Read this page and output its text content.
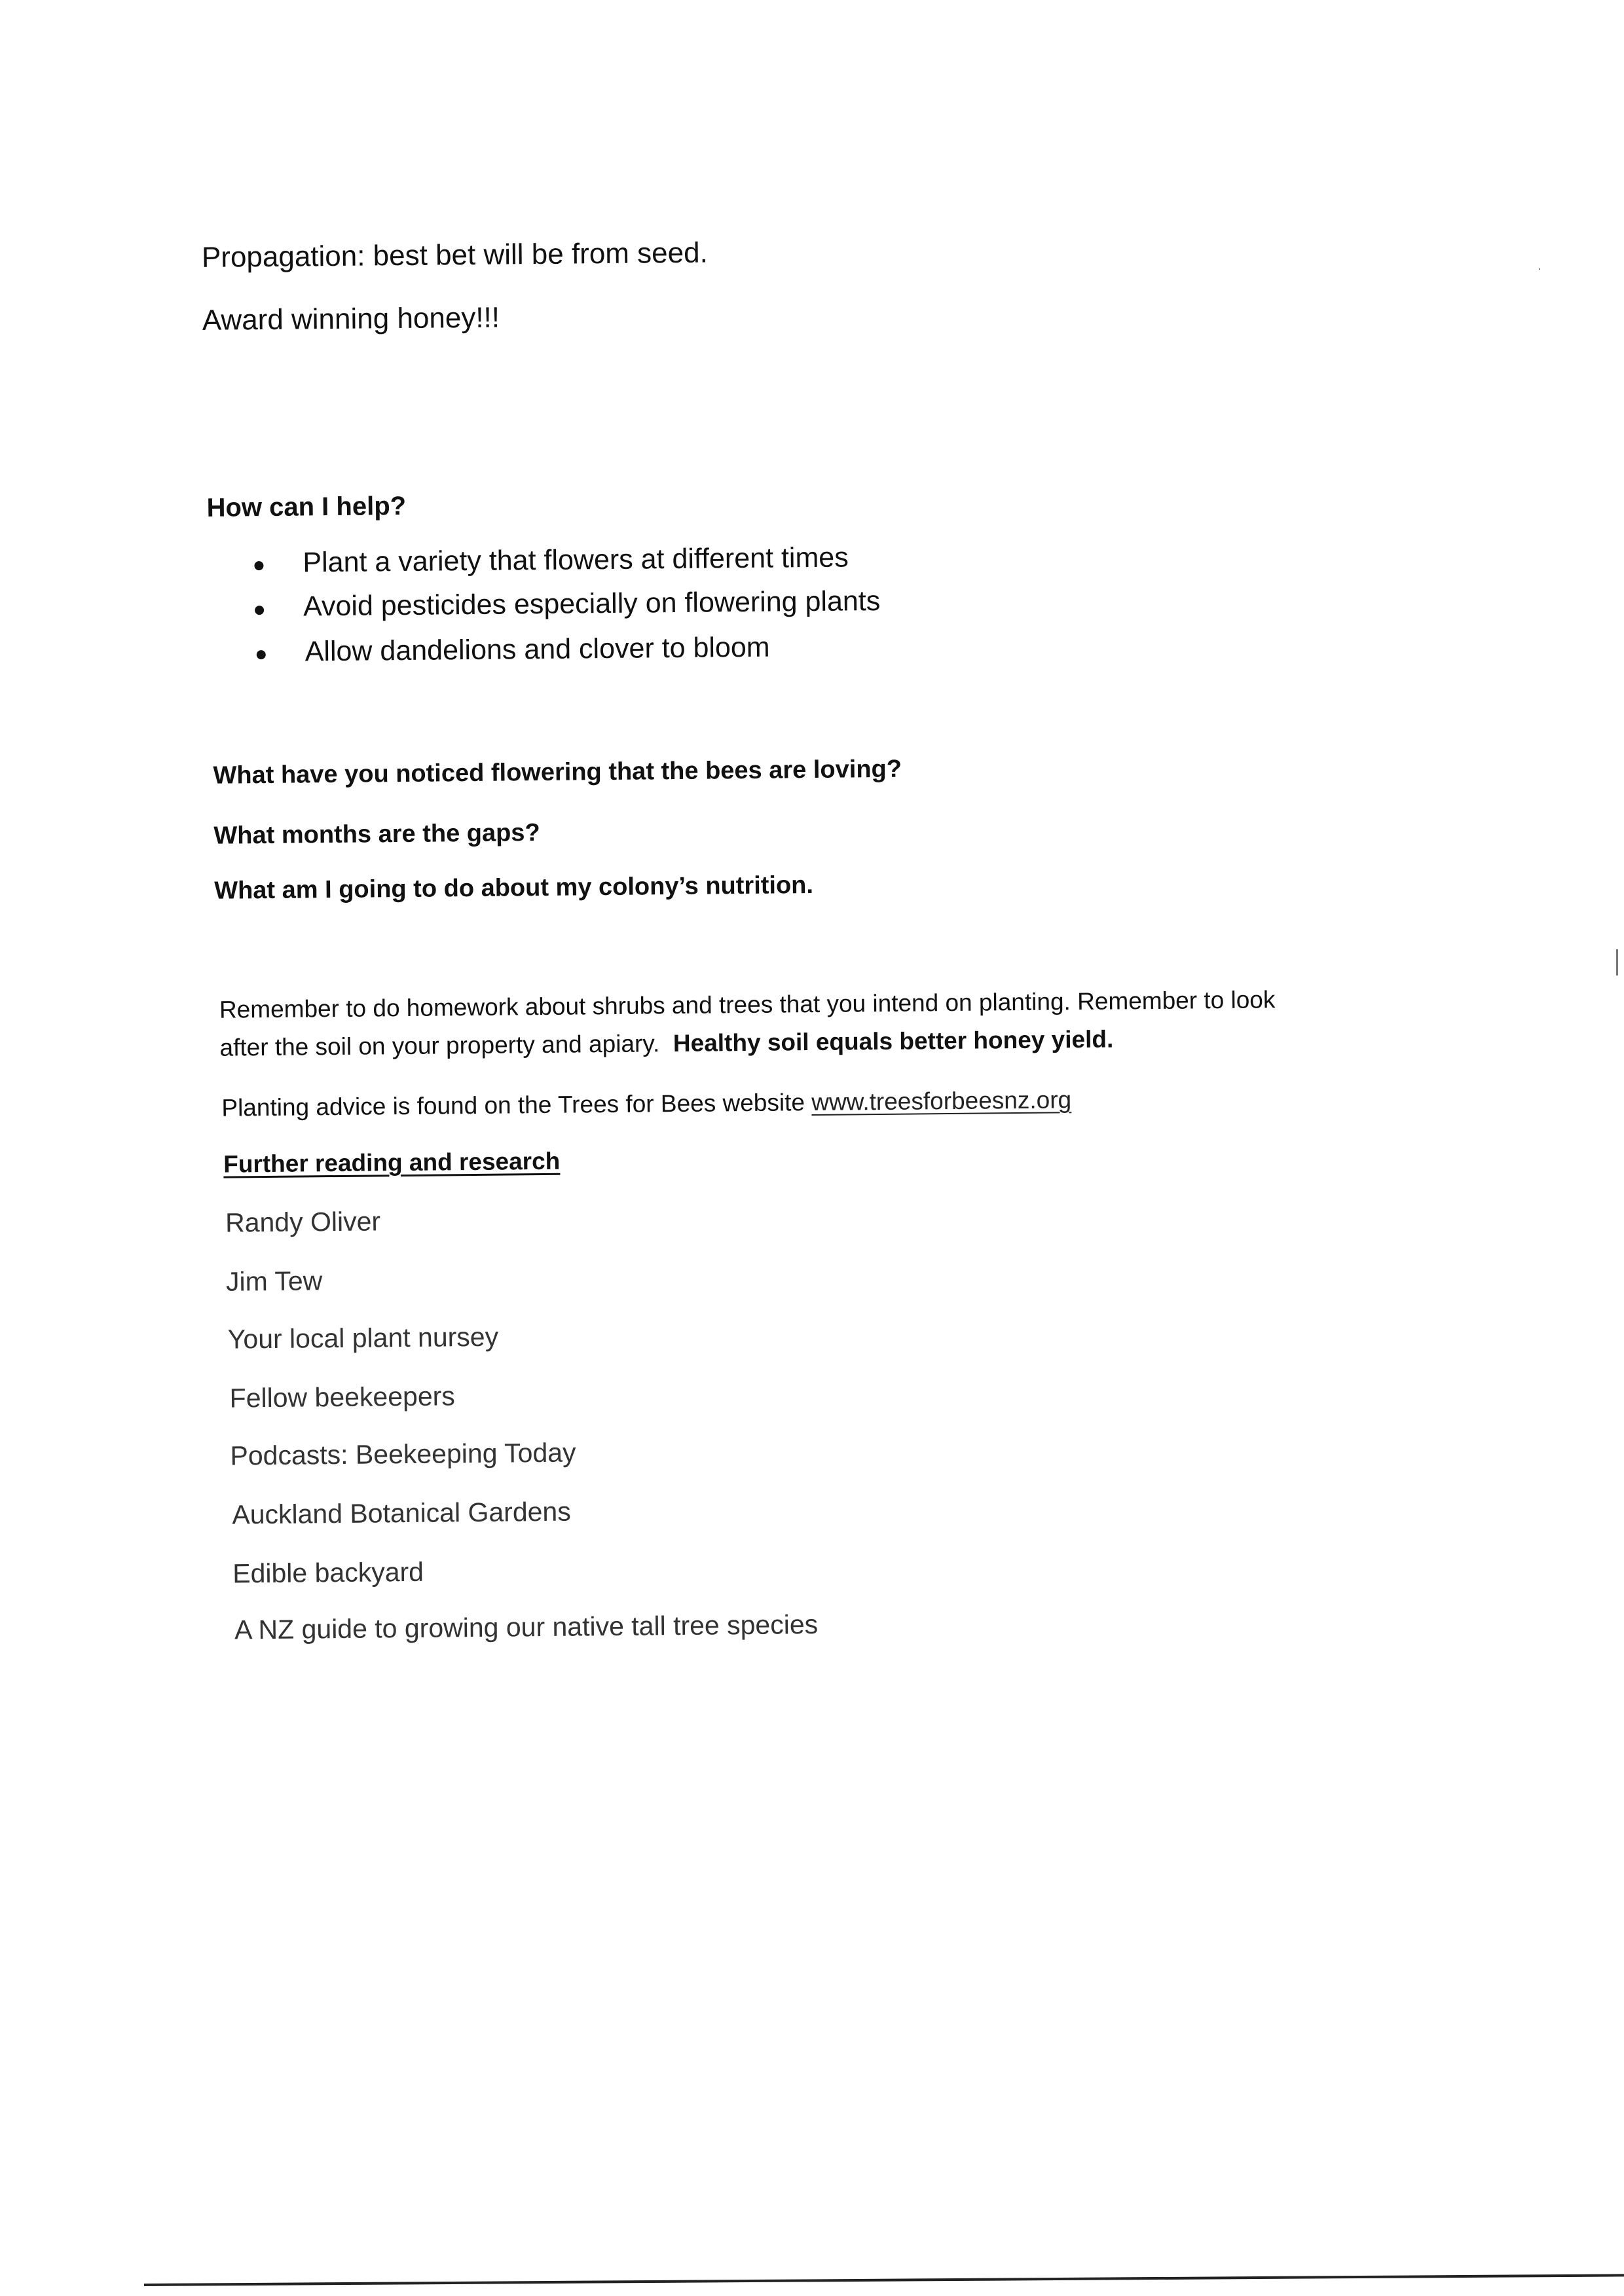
Propagation: best bet will be from seed.
Award winning honey!!!
How can I help?
Plant a variety that flowers at different times
Avoid pesticides especially on flowering plants
Allow dandelions and clover to bloom
What have you noticed flowering that the bees are loving?
What months are the gaps?
What am I going to do about my colony’s nutrition.
Remember to do homework about shrubs and trees that you intend on planting. Remember to look
after the soil on your property and apiary. Healthy soil equals better honey yield.
Planting advice is found on the Trees for Bees website www.treesforbeesnz.org
Further reading and research
Randy Oliver
Jim Tew
Your local plant nursey
Fellow beekeepers
Podcasts: Beekeeping Today
Auckland Botanical Gardens
Edible backyard
A NZ guide to growing our native tall tree species
